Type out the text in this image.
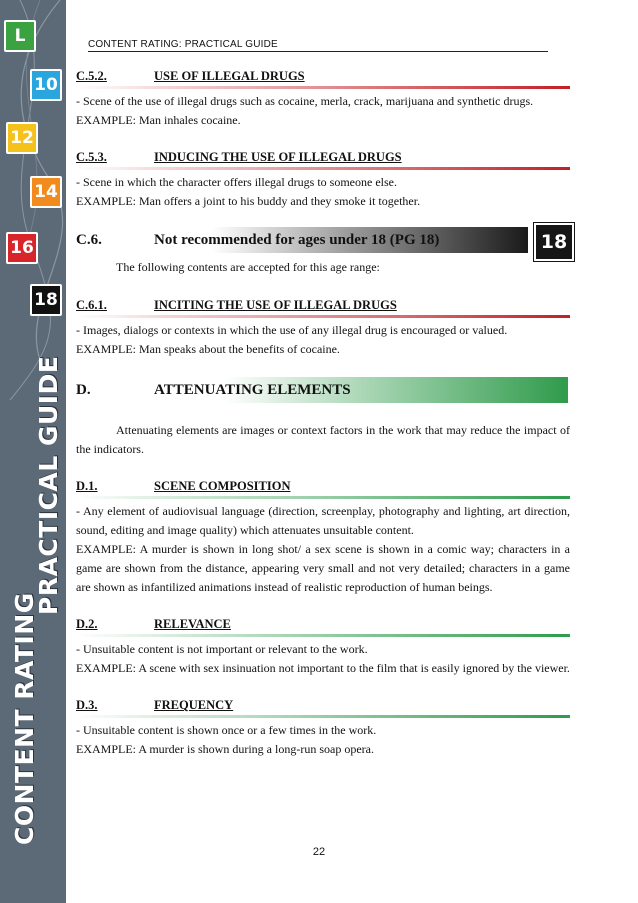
L
10
12
14
16
18
PRACTICAL GUIDE
CONTENT RATING
CONTENT RATING: PRACTICAL GUIDE
C.5.2.	USE OF ILLEGAL DRUGS

- Scene of the use of illegal drugs such as cocaine, merla, crack, marijuana and synthetic drugs.

EXAMPLE: Man inhales cocaine.

C.5.3.	INDUCING THE USE OF ILLEGAL DRUGS

- Scene in which the character offers illegal drugs to someone else.

EXAMPLE: Man offers a joint to his buddy and they smoke it together.

C.6.	Not recommended for ages under 18 (PG 18)	18

The following contents are accepted for this age range:

C.6.1.	INCITING THE USE OF ILLEGAL DRUGS

- Images, dialogs or contexts in which the use of any illegal drug is encouraged or valued.

EXAMPLE: Man speaks about the benefits of cocaine.

D.	ATTENUATING ELEMENTS

Attenuating elements are images or context factors in the work that may reduce the impact of the indicators.

D.1.	SCENE COMPOSITION

- Any element of audiovisual language (direction, screenplay, photography and lighting, art direction, sound, editing and image quality) which attenuates unsuitable content.

EXAMPLE: A murder is shown in long shot/ a sex scene is shown in a comic way; characters in a game are shown from the distance, appearing very small and not very detailed; characters in a game are shown as infantilized animations instead of realistic reproduction of human beings.

D.2.	RELEVANCE

- Unsuitable content is not important or relevant to the work.

EXAMPLE: A scene with sex insinuation not important to the film that is easily ignored by the viewer.

D.3.	FREQUENCY

- Unsuitable content is shown once or a few times in the work.

EXAMPLE: A murder is shown during a long-run soap opera.

22
